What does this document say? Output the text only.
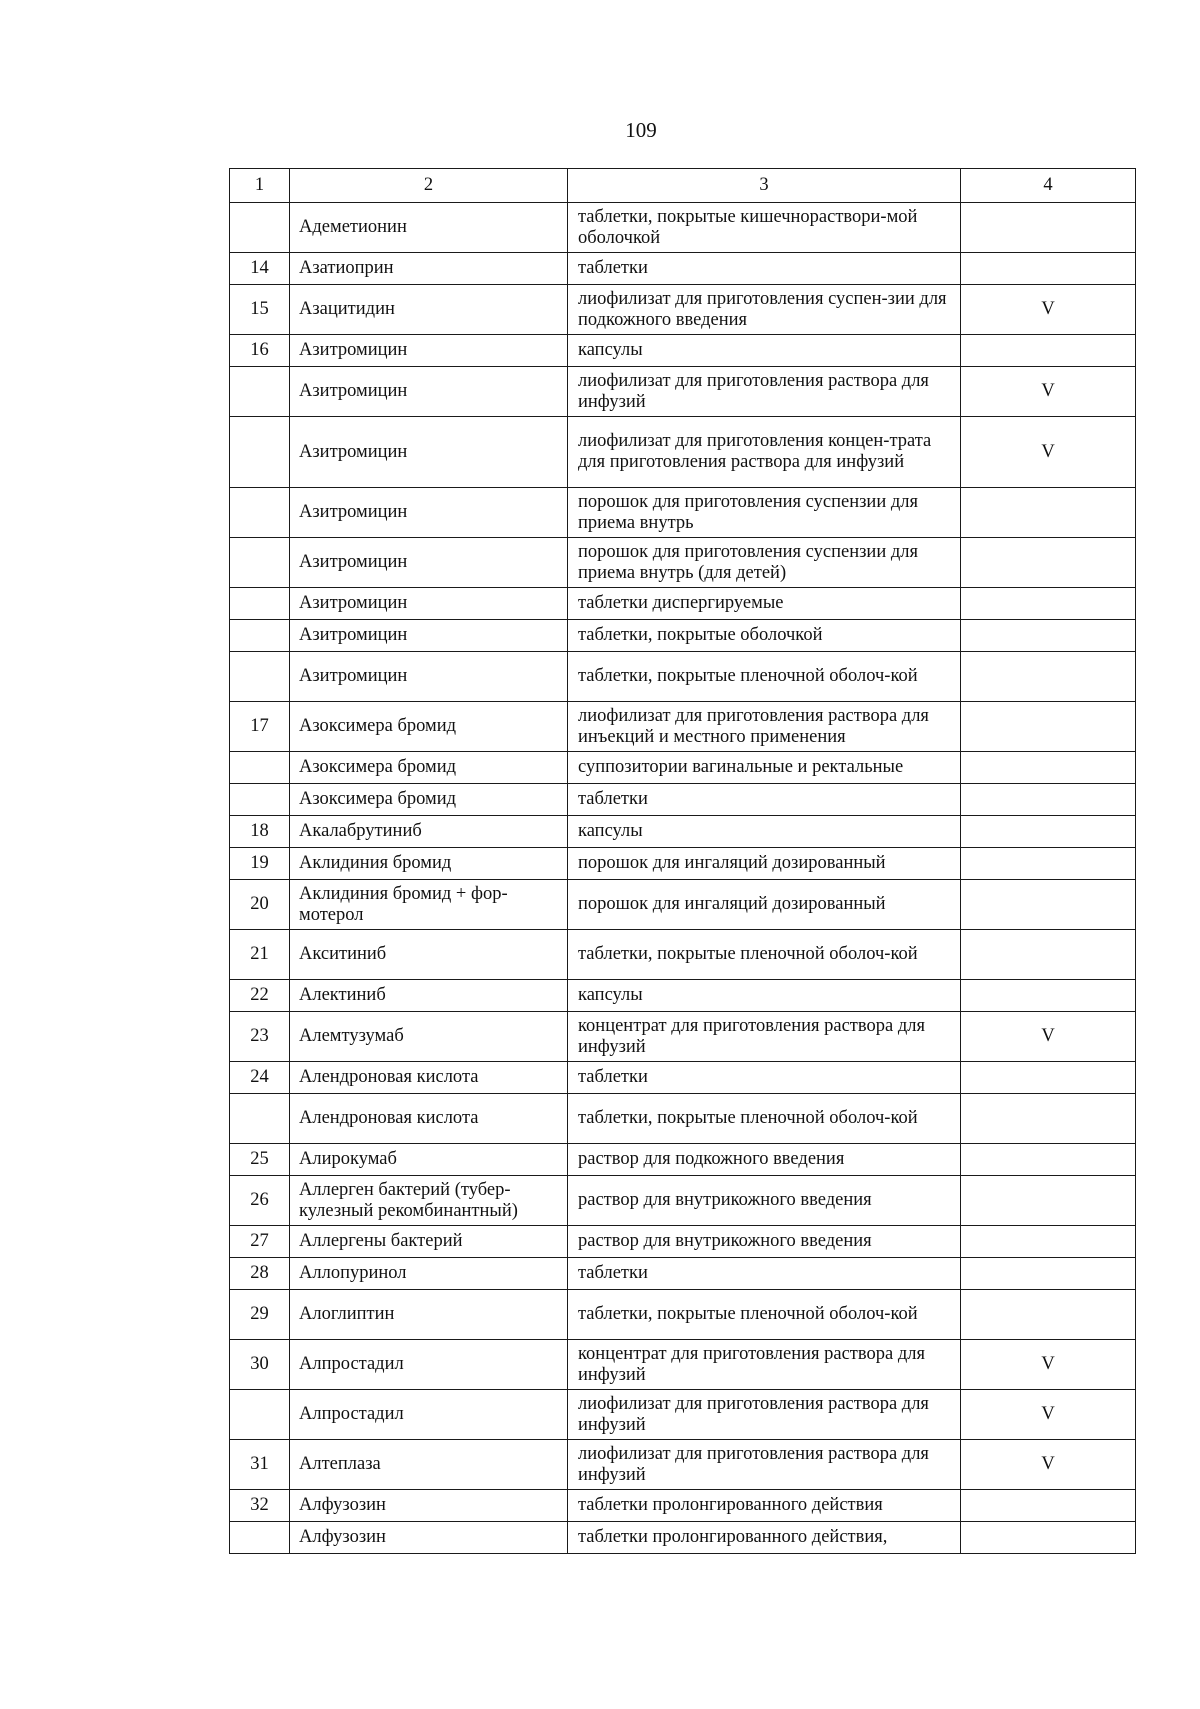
109
1	2	3	4
	Адеметионин	таблетки, покрытые кишечнораствори-мой оболочкой	
14	Азатиоприн	таблетки	
15	Азацитидин	лиофилизат для приготовления суспен-зии для подкожного введения	V
16	Азитромицин	капсулы	
	Азитромицин	лиофилизат для приготовления раствора для инфузий	V
	Азитромицин	лиофилизат для приготовления концен-трата для приготовления раствора для инфузий	V
	Азитромицин	порошок для приготовления суспензии для приема внутрь	
	Азитромицин	порошок для приготовления суспензии для приема внутрь (для детей)	
	Азитромицин	таблетки диспергируемые	
	Азитромицин	таблетки, покрытые оболочкой	
	Азитромицин	таблетки, покрытые пленочной оболоч-кой	
17	Азоксимера бромид	лиофилизат для приготовления раствора для инъекций и местного применения	
	Азоксимера бромид	суппозитории вагинальные и ректальные	
	Азоксимера бромид	таблетки	
18	Акалабрутиниб	капсулы	
19	Аклидиния бромид	порошок для ингаляций дозированный	
20	Аклидиния бромид + фор-мотерол	порошок для ингаляций дозированный	
21	Акситиниб	таблетки, покрытые пленочной оболоч-кой	
22	Алектиниб	капсулы	
23	Алемтузумаб	концентрат для приготовления раствора для инфузий	V
24	Алендроновая кислота	таблетки	
	Алендроновая кислота	таблетки, покрытые пленочной оболоч-кой	
25	Алирокумаб	раствор для подкожного введения	
26	Аллерген бактерий (тубер-кулезный рекомбинантный)	раствор для внутрикожного введения	
27	Аллергены бактерий	раствор для внутрикожного введения	
28	Аллопуринол	таблетки	
29	Алоглиптин	таблетки, покрытые пленочной оболоч-кой	
30	Алпростадил	концентрат для приготовления раствора для инфузий	V
	Алпростадил	лиофилизат для приготовления раствора для инфузий	V
31	Алтеплаза	лиофилизат для приготовления раствора для инфузий	V
32	Алфузозин	таблетки пролонгированного действия	
	Алфузозин	таблетки пролонгированного действия,	
